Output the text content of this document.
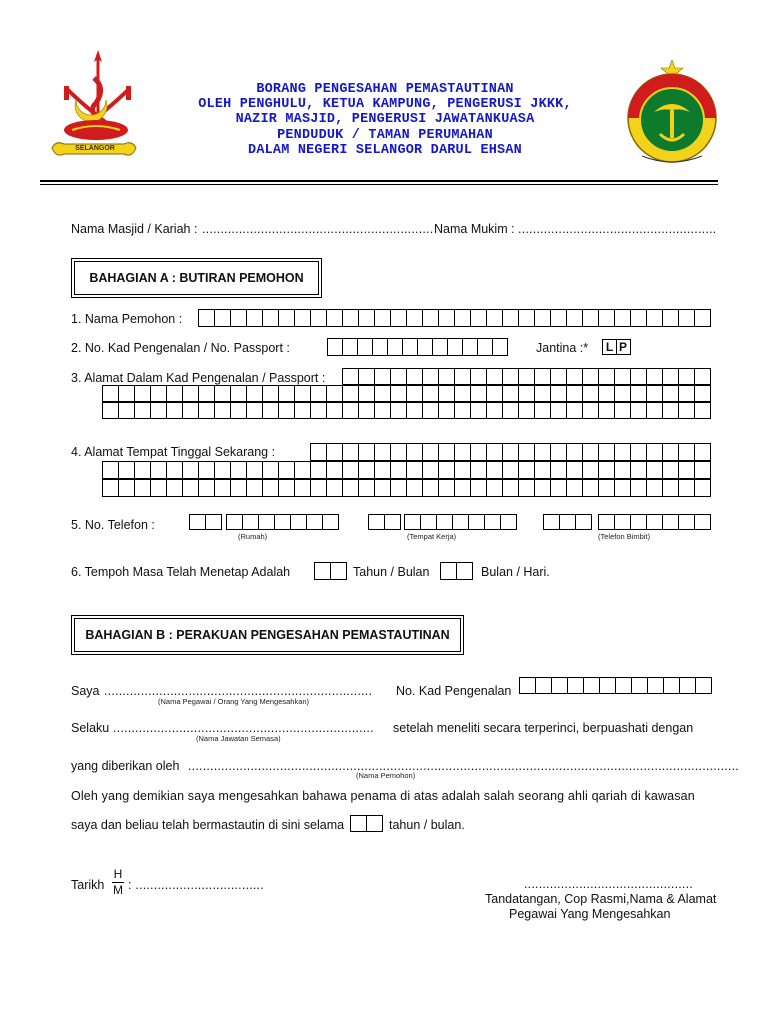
SELANGOR
BORANG PENGESAHAN PEMASTAUTINAN
OLEH PENGHULU, KETUA KAMPUNG, PENGERUSI JKKK,
NAZIR MASJID, PENGERUSI JAWATANKUASA
PENDUDUK / TAMAN PERUMAHAN
DALAM NEGERI SELANGOR DARUL EHSAN
Nama Masjid / Kariah : ............................................................... Nama Mukim : ......................................................
BAHAGIAN A : BUTIRAN PEMOHON
1. Nama Pemohon :
2. No. Kad Pengenalan / No. Passport :	Jantina :*	L P
3. Alamat Dalam Kad Pengenalan / Passport :
4. Alamat Tempat Tinggal Sekarang :
5. No. Telefon :
(Rumah)	(Tempat Kerja)	(Telefon Bimbit)
6. Tempoh Masa Telah Menetap Adalah	Tahun / Bulan	Bulan / Hari.
BAHAGIAN B : PERAKUAN PENGESAHAN PEMASTAUTINAN
Saya .........................................................................
(Nama Pegawai / Orang Yang Mengesahkan)
No. Kad Pengenalan
Selaku .......................................................................
(Nama Jawatan Semasa)
setelah meneliti secara terperinci, berpuashati dengan
yang diberikan oleh ......................................................................................................................................................
(Nama Pemohon)
Oleh yang demikian saya mengesahkan bahawa penama di atas adalah salah seorang ahli qariah di kawasan
saya dan beliau telah bermastautin di sini selama	tahun / bulan.
Tarikh
H
M : ...................................	..............................................
Tandatangan, Cop Rasmi,Nama & Alamat
Pegawai Yang Mengesahkan
